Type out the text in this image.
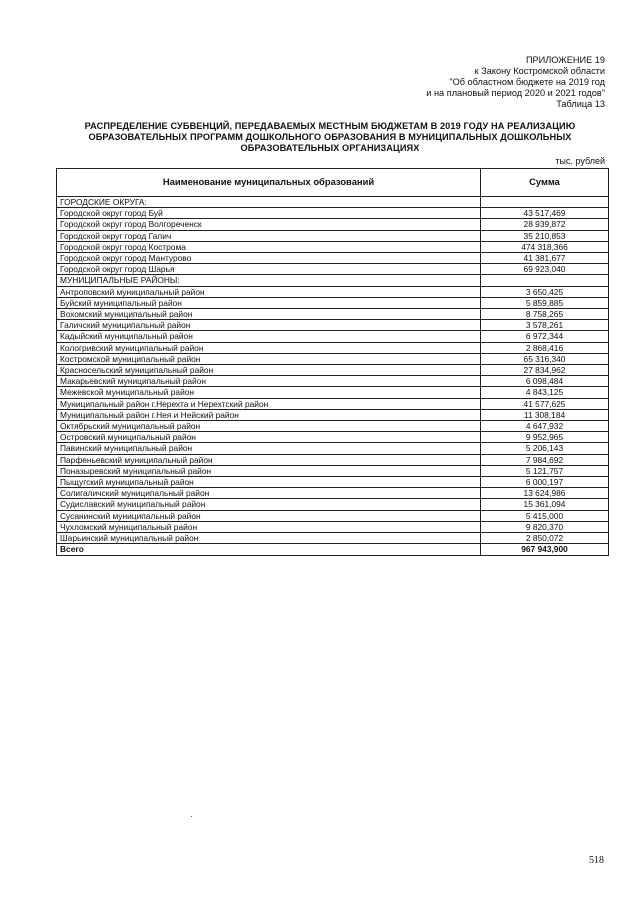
ПРИЛОЖЕНИЕ 19
к Закону Костромской области
"Об областном бюджете на 2019 год
и на плановый период 2020 и 2021 годов"
Таблица 13
РАСПРЕДЕЛЕНИЕ СУБВЕНЦИЙ, ПЕРЕДАВАЕМЫХ МЕСТНЫМ БЮДЖЕТАМ В 2019 ГОДУ НА РЕАЛИЗАЦИЮ
ОБРАЗОВАТЕЛЬНЫХ ПРОГРАММ ДОШКОЛЬНОГО ОБРАЗОВАНИЯ В МУНИЦИПАЛЬНЫХ ДОШКОЛЬНЫХ
ОБРАЗОВАТЕЛЬНЫХ ОРГАНИЗАЦИЯХ
тыс. рублей
Наименование муниципальных образований	Сумма
ГОРОДСКИЕ ОКРУГА:	
Городской округ город Буй	43 517,469
Городской округ город Волгореченск	28 939,872
Городской округ город Галич	35 210,853
Городской округ город Кострома	474 318,366
Городской округ город Мантурово	41 381,677
Городской округ город Шарья	69 923,040
МУНИЦИПАЛЬНЫЕ РАЙОНЫ:	
Антроповский муниципальный район	3 650,425
Буйский муниципальный район	5 859,885
Вохомский муниципальный район	8 758,265
Галичский муниципальный район	3 578,261
Кадыйский муниципальный район	6 972,344
Кологривский муниципальный район	2 868,416
Костромской муниципальный район	65 316,340
Красносельский муниципальный район	27 834,962
Макарьевский муниципальный район	6 098,484
Межевской муниципальный район	4 843,125
Муниципальный район г.Нерехта и Нерехтский район	41 577,625
Муниципальный район г.Нея и Нейский район	11 308,184
Октябрьский муниципальный район	4 647,932
Островский муниципальный район	9 952,965
Павинский муниципальный район	5 206,143
Парфеньевский муниципальный район	7 984,692
Поназыревский муниципальный район	5 121,757
Пыщугский муниципальный район	6 000,197
Солигаличский муниципальный район	13 624,986
Судиславский муниципальный район	15 361,094
Сусанинский муниципальный район	5 415,000
Чухломский муниципальный район	9 820,370
Шарьинский муниципальный район	2 850,072
Всего	967 943,900
518
